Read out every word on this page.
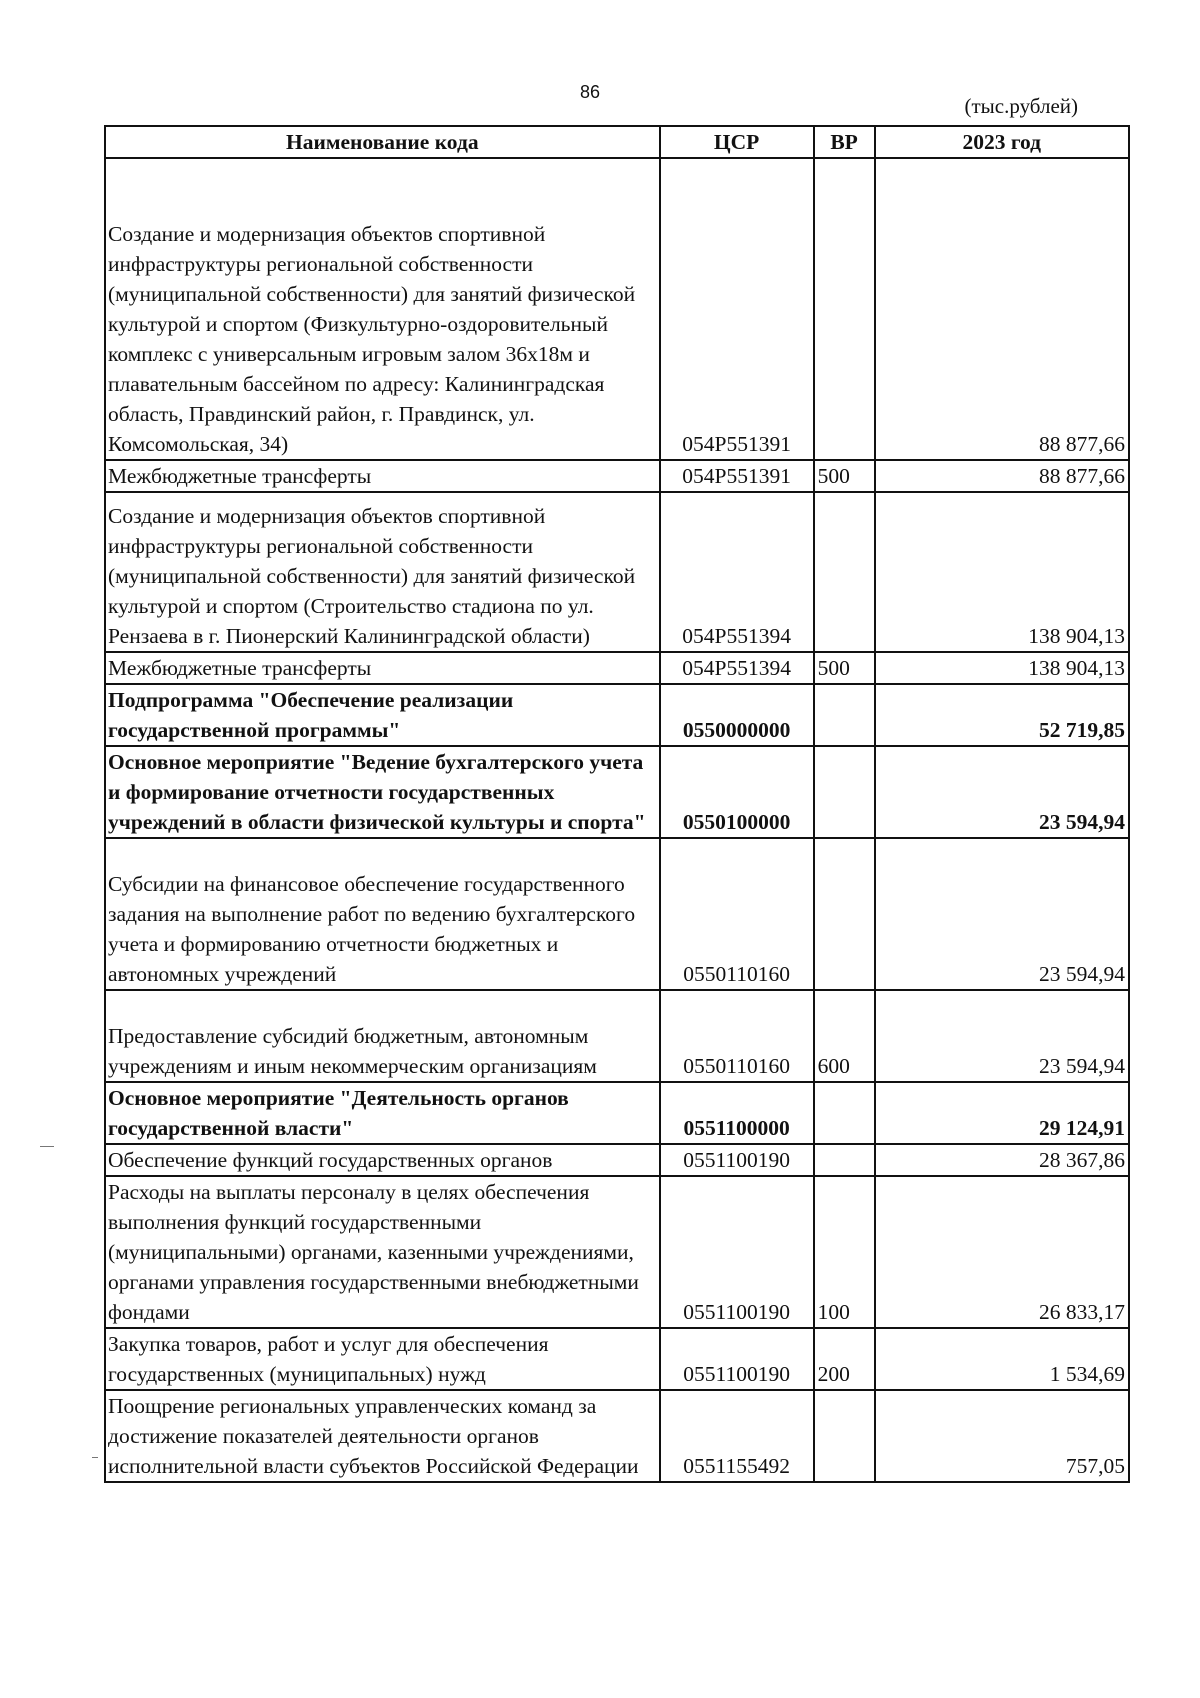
86
(тыс.рублей)
Наименование кода	ЦСР	ВР	2023 год
Создание и модернизация объектов спортивной инфраструктуры региональной собственности (муниципальной собственности) для занятий физической культурой и спортом (Физкультурно-оздоровительный комплекс с универсальным игровым залом 36х18м и плавательным бассейном по адресу: Калининградская область, Правдинский район, г. Правдинск, ул. Комсомольская, 34)	054P551391		88 877,66
Межбюджетные трансферты	054P551391	500	88 877,66
Создание и модернизация объектов спортивной инфраструктуры региональной собственности (муниципальной собственности) для занятий физической культурой и спортом (Строительство стадиона по ул. Рензаева в г. Пионерский Калининградской области)	054P551394		138 904,13
Межбюджетные трансферты	054P551394	500	138 904,13
Подпрограмма "Обеспечение реализации государственной программы"	0550000000		52 719,85
Основное мероприятие "Ведение бухгалтерского учета и формирование отчетности государственных учреждений в области физической культуры и спорта"	0550100000		23 594,94
Субсидии на финансовое обеспечение государственного задания на выполнение работ по ведению бухгалтерского учета и формированию отчетности бюджетных и автономных учреждений	0550110160		23 594,94
Предоставление субсидий бюджетным, автономным учреждениям и иным некоммерческим организациям	0550110160	600	23 594,94
Основное мероприятие "Деятельность органов государственной власти"	0551100000		29 124,91
Обеспечение функций государственных органов	0551100190		28 367,86
Расходы на выплаты персоналу в целях обеспечения выполнения функций государственными (муниципальными) органами, казенными учреждениями, органами управления государственными внебюджетными фондами	0551100190	100	26 833,17
Закупка товаров, работ и услуг для обеспечения государственных (муниципальных) нужд	0551100190	200	1 534,69
Поощрение региональных управленческих команд за достижение показателей деятельности органов исполнительной власти субъектов Российской Федерации	0551155492		757,05
